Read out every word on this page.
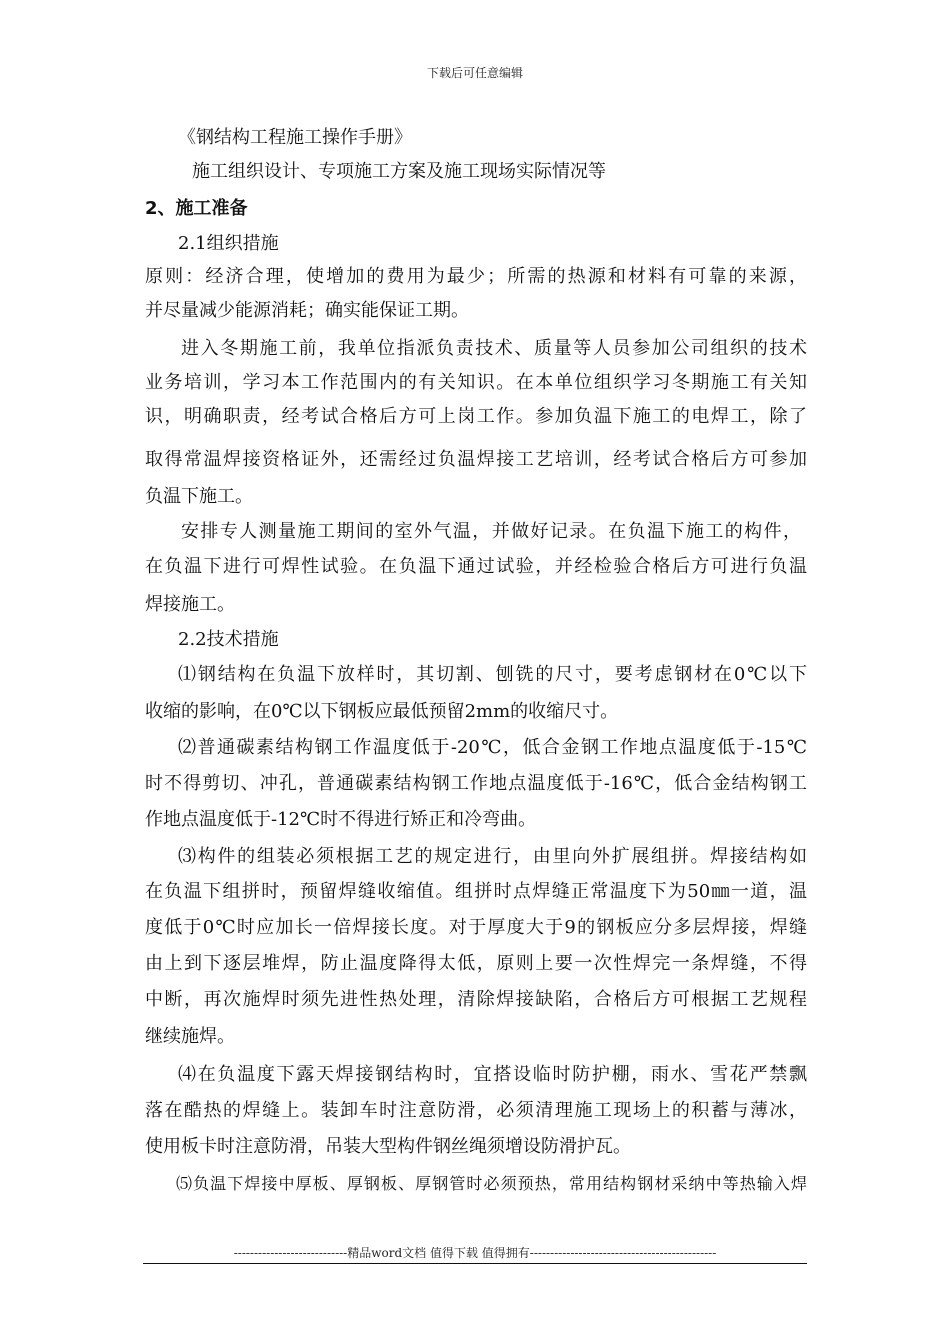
下载后可任意编辑
《钢结构工程施工操作手册》
施工组织设计、专项施工方案及施工现场实际情况等
2、施工准备
2.1组织措施
原则：经济合理，使增加的费用为最少；所需的热源和材料有可靠的来源，
并尽量减少能源消耗；确实能保证工期。
进入冬期施工前，我单位指派负责技术、质量等人员参加公司组织的技术
业务培训，学习本工作范围内的有关知识。在本单位组织学习冬期施工有关知
识，明确职责，经考试合格后方可上岗工作。参加负温下施工的电焊工，除了
取得常温焊接资格证外，还需经过负温焊接工艺培训，经考试合格后方可参加
负温下施工。
安排专人测量施工期间的室外气温，并做好记录。在负温下施工的构件，
在负温下进行可焊性试验。在负温下通过试验，并经检验合格后方可进行负温
焊接施工。
2.2技术措施
⑴钢结构在负温下放样时，其切割、刨铣的尺寸，要考虑钢材在0℃以下
收缩的影响，在0℃以下钢板应最低预留2mm的收缩尺寸。
⑵普通碳素结构钢工作温度低于-20℃，低合金钢工作地点温度低于-15℃
时不得剪切、冲孔，普通碳素结构钢工作地点温度低于-16℃，低合金结构钢工
作地点温度低于-12℃时不得进行矫正和冷弯曲。
⑶构件的组装必须根据工艺的规定进行，由里向外扩展组拼。焊接结构如
在负温下组拼时，预留焊缝收缩值。组拼时点焊缝正常温度下为50㎜一道，温
度低于0℃时应加长一倍焊接长度。对于厚度大于9的钢板应分多层焊接，焊缝
由上到下逐层堆焊，防止温度降得太低，原则上要一次性焊完一条焊缝，不得
中断，再次施焊时须先进性热处理，清除焊接缺陷，合格后方可根据工艺规程
继续施焊。
⑷在负温度下露天焊接钢结构时，宜搭设临时防护棚，雨水、雪花严禁飘
落在酷热的焊缝上。装卸车时注意防滑，必须清理施工现场上的积蓄与薄冰，
使用板卡时注意防滑，吊装大型构件钢丝绳须增设防滑护瓦。
⑸负温下焊接中厚板、厚钢板、厚钢管时必须预热，常用结构钢材采纳中等热输入焊
----------------------------精品word文档 值得下载 值得拥有----------------------------------------------
